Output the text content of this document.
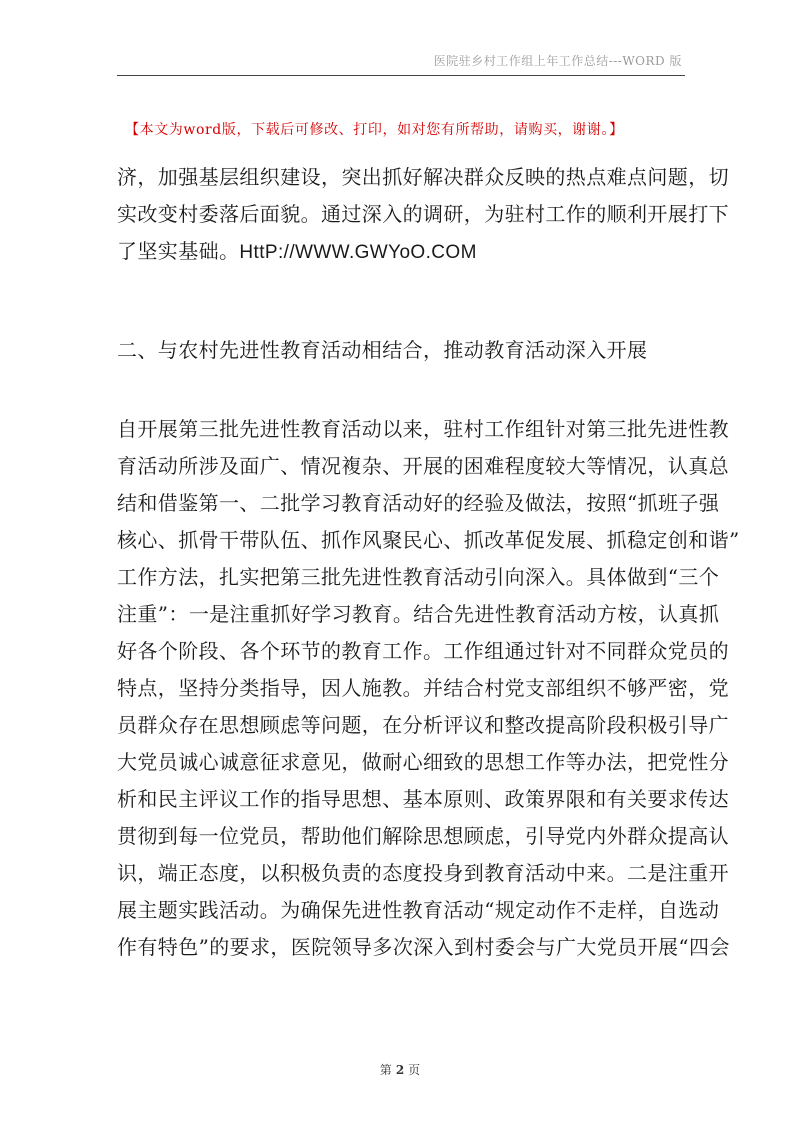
医院驻乡村工作组上年工作总结---WORD 版
【本文为word版，下载后可修改、打印，如对您有所帮助，请购买，谢谢。】
济，加强基层组织建设，突出抓好解决群众反映的热点难点问题，切
实改变村委落后面貌。通过深入的调研，为驻村工作的顺利开展打下
了坚实基础。HttP://WWW.GWYoO.COM
二、与农村先进性教育活动相结合，推动教育活动深入开展
自开展第三批先进性教育活动以来，驻村工作组针对第三批先进性教
育活动所涉及面广、情况複杂、开展的困难程度较大等情况，认真总
结和借鉴第一、二批学习教育活动好的经验及做法，按照“抓班子强
核心、抓骨干带队伍、抓作风聚民心、抓改革促发展、抓稳定创和谐”
工作方法，扎实把第三批先进性教育活动引向深入。具体做到“三个
注重”：一是注重抓好学习教育。结合先进性教育活动方桉，认真抓
好各个阶段、各个环节的教育工作。工作组通过针对不同群众党员的
特点，坚持分类指导，因人施教。并结合村党支部组织不够严密，党
员群众存在思想顾虑等问题，在分析评议和整改提高阶段积极引导广
大党员诚心诚意征求意见，做耐心细致的思想工作等办法，把党性分
析和民主评议工作的指导思想、基本原则、政策界限和有关要求传达
贯彻到每一位党员，帮助他们解除思想顾虑，引导党内外群众提高认
识，端正态度，以积极负责的态度投身到教育活动中来。二是注重开
展主题实践活动。为确保先进性教育活动“规定动作不走样，自选动
作有特色”的要求，医院领导多次深入到村委会与广大党员开展“四会
第 2 页
